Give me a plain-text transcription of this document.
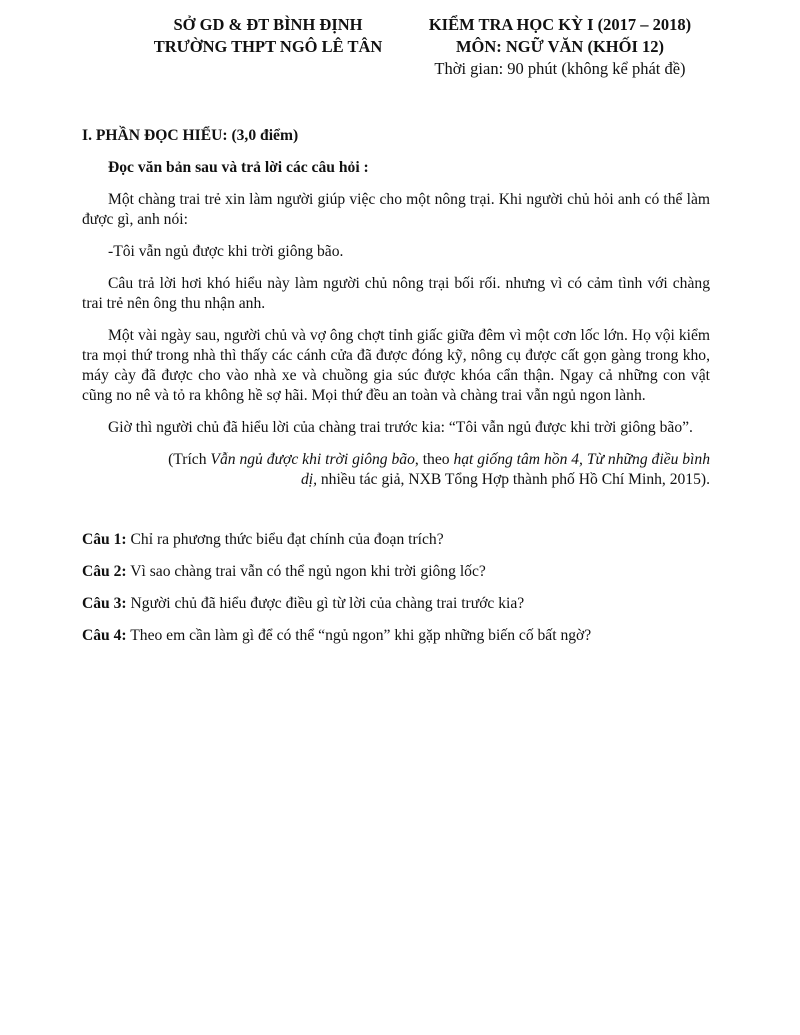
SỞ GD & ĐT BÌNH ĐỊNH
TRƯỜNG THPT NGÔ LÊ TÂN
KIỂM TRA HỌC KỲ I (2017 – 2018)
MÔN: NGỮ VĂN (KHỐI 12)
Thời gian: 90 phút (không kể phát đề)

I. PHẦN ĐỌC HIỂU: (3,0 điểm)

Đọc văn bản sau và trả lời các câu hỏi :

Một chàng trai trẻ xin làm người giúp việc cho một nông trại. Khi người chủ hỏi anh có thể làm được gì, anh nói:

-Tôi vẫn ngủ được khi trời giông bão.

Câu trả lời hơi khó hiểu này làm người chủ nông trại bối rối. nhưng vì có cảm tình với chàng trai trẻ nên ông thu nhận anh.

Một vài ngày sau, người chủ và vợ ông chợt tỉnh giấc giữa đêm vì một cơn lốc lớn. Họ vội kiểm tra mọi thứ trong nhà thì thấy các cánh cửa đã được đóng kỹ, nông cụ được cất gọn gàng trong kho, máy cày đã được cho vào nhà xe và chuồng gia súc được khóa cẩn thận. Ngay cả những con vật cũng no nê và tỏ ra không hề sợ hãi. Mọi thứ đều an toàn và chàng trai vẫn ngủ ngon lành.

Giờ thì người chủ đã hiểu lời của chàng trai trước kia: “Tôi vẫn ngủ được khi trời giông bão”.

(Trích Vẫn ngủ được khi trời giông bão, theo hạt giống tâm hồn 4, Từ những điều bình dị, nhiều tác giả, NXB Tổng Hợp thành phố Hồ Chí Minh, 2015).

Câu 1: Chỉ ra phương thức biểu đạt chính của đoạn trích?

Câu 2: Vì sao chàng trai vẫn có thể ngủ ngon khi trời giông lốc?

Câu 3: Người chủ đã hiểu được điều gì từ lời của chàng trai trước kia?

Câu 4: Theo em cần làm gì để có thể “ngủ ngon” khi gặp những biến cố bất ngờ?
